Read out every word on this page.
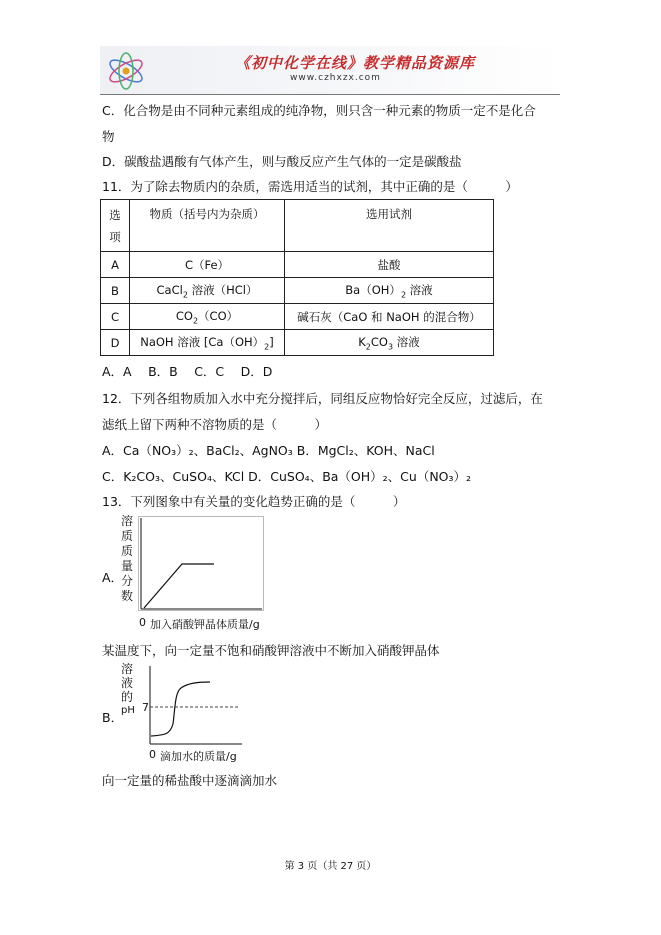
《初中化学在线》教学精品资源库
www.czhxzx.com
C．化合物是由不同种元素组成的纯净物，则只含一种元素的物质一定不是化合
物
D．碳酸盐遇酸有气体产生，则与酸反应产生气体的一定是碳酸盐
11．为了除去物质内的杂质，需选用适当的试剂，其中正确的是（　　　）
选
项	物质（括号内为杂质）	选用试剂
A	C（Fe）	盐酸
B	CaCl$_2$ 溶液（HCl）	$Ba(OH)_2$ 溶液
C	$CO_2(CO)$	碱石灰（CaO 和 NaOH 的混合物）
D	NaOH 溶液 $[Ca(OH)_2]$	$K_2CO_3$ 溶液
A．A　 B．B　 C．C　 D．D
12．下列各组物质加入水中充分搅拌后，同组反应物恰好完全反应，过滤后，在
滤纸上留下两种不溶物质的是（　　　）
A．Ca（NO₃）₂、BaCl₂、AgNO₃ B．MgCl₂、KOH、NaCl
C．K₂CO₃、CuSO₄、KCl D．CuSO₄、Ba（OH）₂、Cu（NO₃）₂
13．下列图象中有关量的变化趋势正确的是（　　　）
A．
溶
质
质
量
分
数
0 加入硝酸钾晶体质量/g
某温度下，向一定量不饱和硝酸钾溶液中不断加入硝酸钾晶体
B．
溶
液
的
pH 7
0 滴加水的质量/g
向一定量的稀盐酸中逐滴滴加水
第 3 页（共 27 页）
